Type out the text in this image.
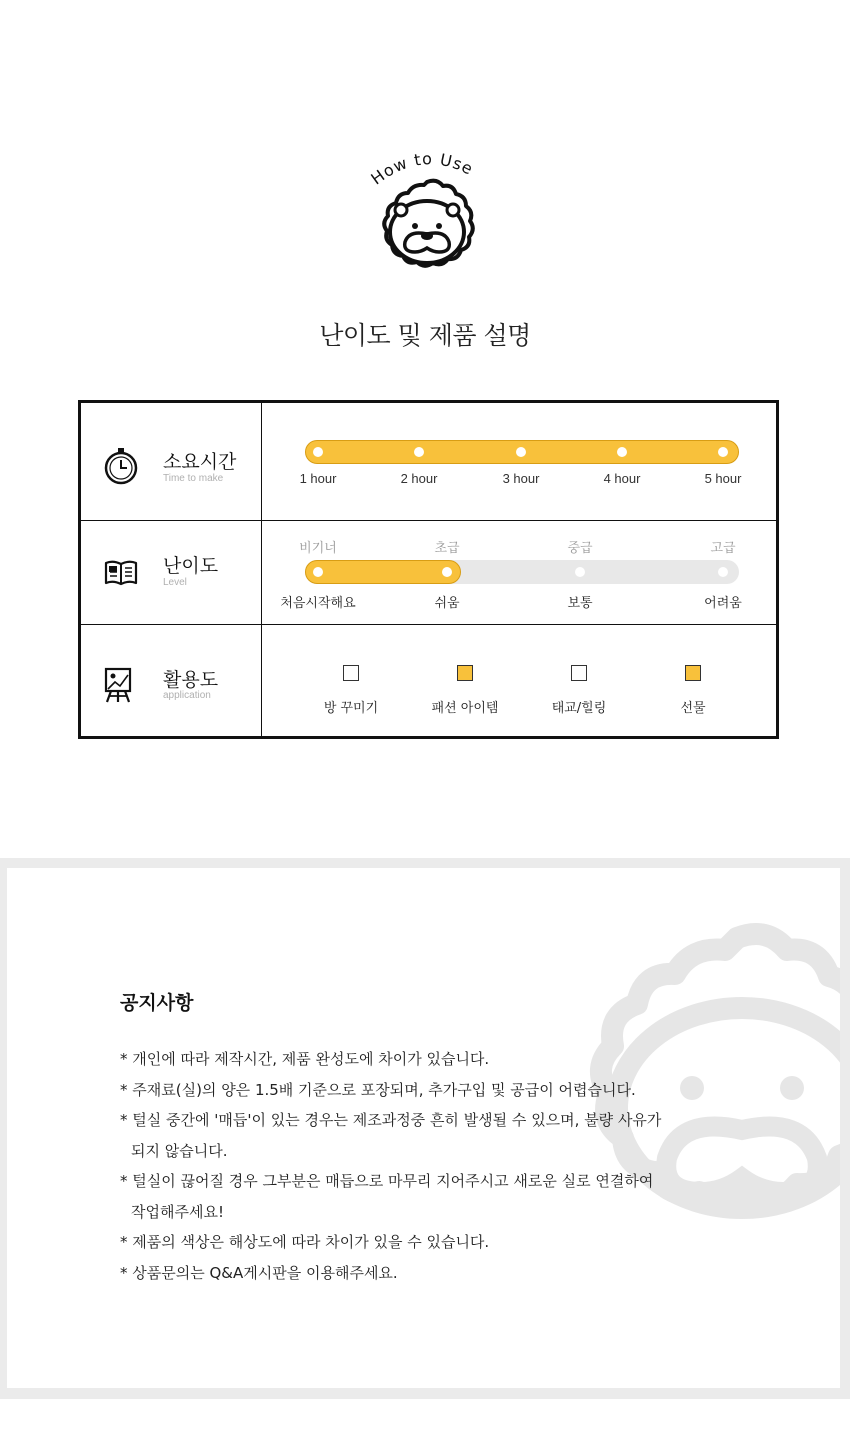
How to Use
난이도 및 제품 설명
소요시간
Time to make	1 hour	2 hour	3 hour	4 hour	5 hour
난이도
Level
비기너	초급	중급	고급
처음시작해요	쉬움	보통	어려움
활용도
application
방 꾸미기	패션 아이템	태교/힐링	선물
공지사항
* 개인에 따라 제작시간, 제품 완성도에 차이가 있습니다.
* 주재료(실)의 양은 1.5배 기준으로 포장되며, 추가구입 및 공급이 어렵습니다.
* 털실 중간에 '매듭'이 있는 경우는 제조과정중 흔히 발생될 수 있으며, 불량 사유가
되지 않습니다.
* 털실이 끊어질 경우 그부분은 매듭으로 마무리 지어주시고 새로운 실로 연결하여
작업해주세요!
* 제품의 색상은 해상도에 따라 차이가 있을 수 있습니다.
* 상품문의는 Q&A게시판을 이용해주세요.
